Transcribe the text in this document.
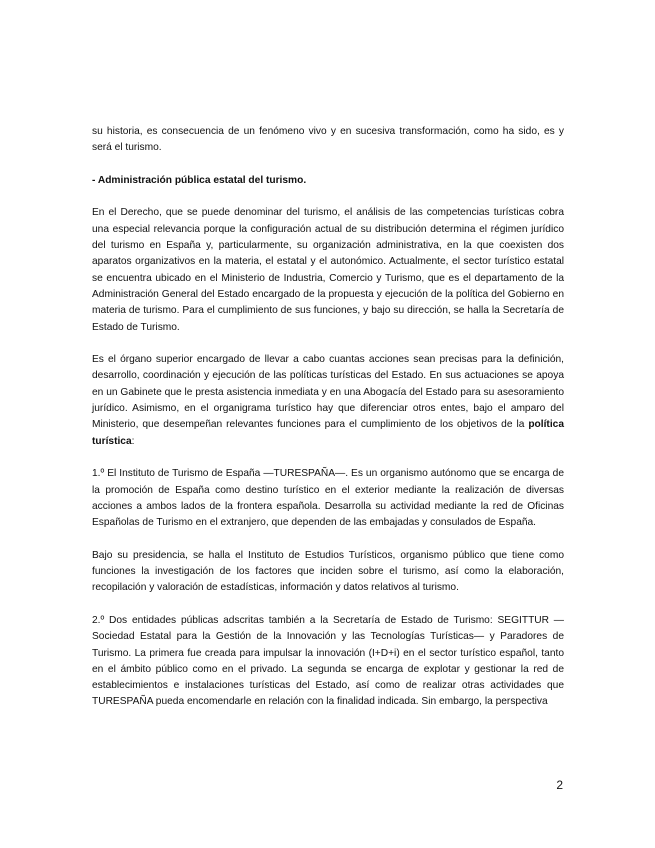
su historia, es consecuencia de un fenómeno vivo y en sucesiva transformación, como ha sido, es y será el turismo.

- Administración pública estatal del turismo.

En el Derecho, que se puede denominar del turismo, el análisis de las competencias turísticas cobra una especial relevancia porque la configuración actual de su distribución determina el régimen jurídico del turismo en España y, particularmente, su organización administrativa, en la que coexisten dos aparatos organizativos en la materia, el estatal y el autonómico. Actualmente, el sector turístico estatal se encuentra ubicado en el Ministerio de Industria, Comercio y Turismo, que es el departamento de la Administración General del Estado encargado de la propuesta y ejecución de la política del Gobierno en materia de turismo. Para el cumplimiento de sus funciones, y bajo su dirección, se halla la Secretaría de Estado de Turismo.

Es el órgano superior encargado de llevar a cabo cuantas acciones sean precisas para la definición, desarrollo, coordinación y ejecución de las políticas turísticas del Estado. En sus actuaciones se apoya en un Gabinete que le presta asistencia inmediata y en una Abogacía del Estado para su asesoramiento jurídico. Asimismo, en el organigrama turístico hay que diferenciar otros entes, bajo el amparo del Ministerio, que desempeñan relevantes funciones para el cumplimiento de los objetivos de la política turística:

1.º El Instituto de Turismo de España —TURESPAÑA—. Es un organismo autónomo que se encarga de la promoción de España como destino turístico en el exterior mediante la realización de diversas acciones a ambos lados de la frontera española. Desarrolla su actividad mediante la red de Oficinas Españolas de Turismo en el extranjero, que dependen de las embajadas y consulados de España.

Bajo su presidencia, se halla el Instituto de Estudios Turísticos, organismo público que tiene como funciones la investigación de los factores que inciden sobre el turismo, así como la elaboración, recopilación y valoración de estadísticas, información y datos relativos al turismo.

2.º Dos entidades públicas adscritas también a la Secretaría de Estado de Turismo: SEGITTUR —Sociedad Estatal para la Gestión de la Innovación y las Tecnologías Turísticas— y Paradores de Turismo. La primera fue creada para impulsar la innovación (I+D+i) en el sector turístico español, tanto en el ámbito público como en el privado. La segunda se encarga de explotar y gestionar la red de establecimientos e instalaciones turísticas del Estado, así como de realizar otras actividades que TURESPAÑA pueda encomendarle en relación con la finalidad indicada. Sin embargo, la perspectiva

2
